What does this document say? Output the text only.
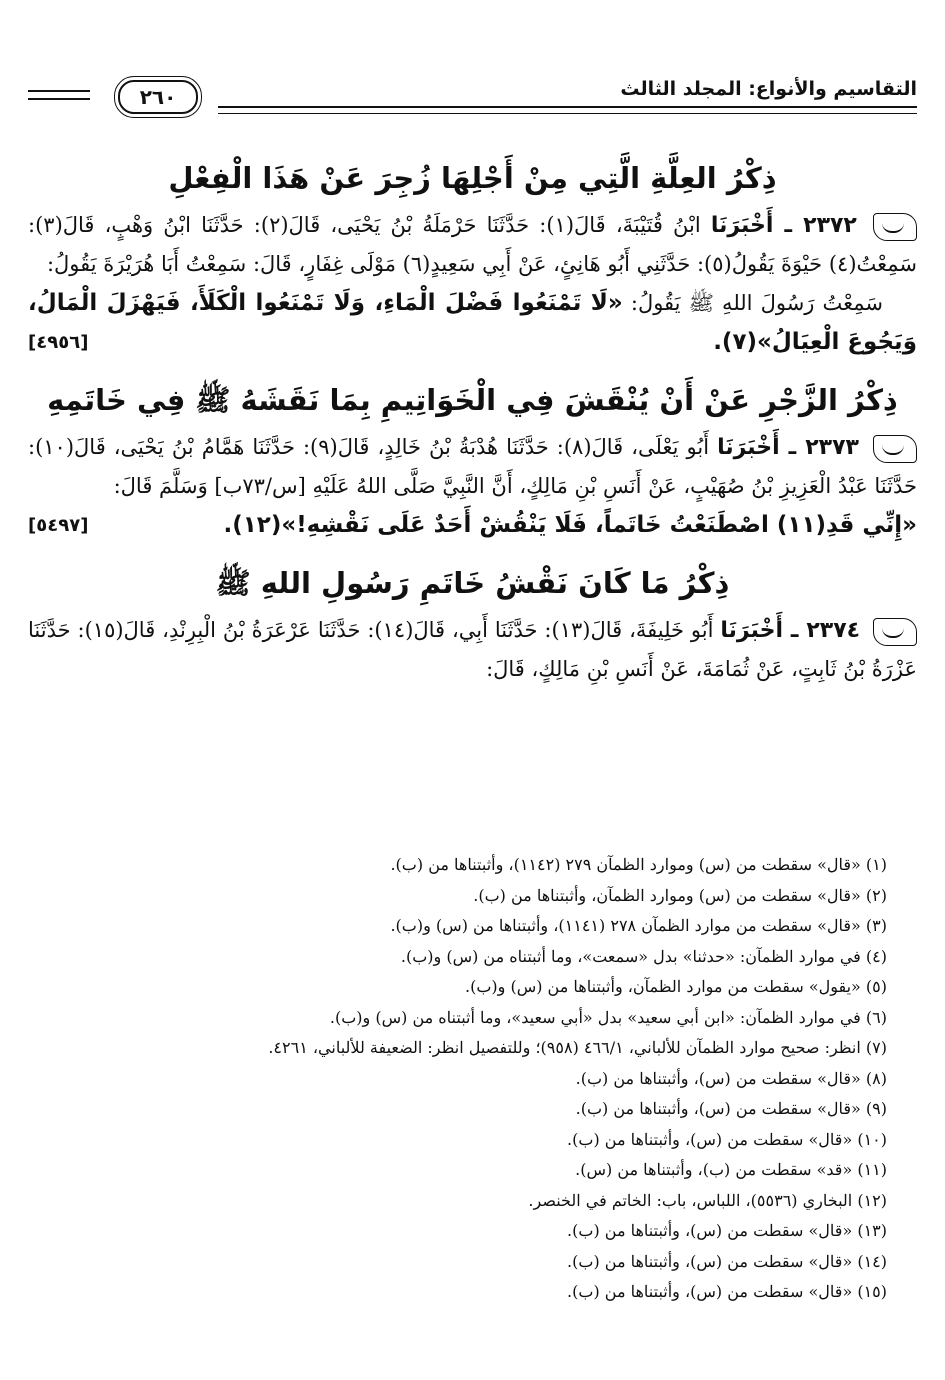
التقاسيم والأنواع: المجلد الثالث
٢٦٠
ذِكْرُ العِلَّةِ الَّتِي مِنْ أَجْلِهَا زُجِرَ عَنْ هَذَا الْفِعْلِ

٢٣٧٢ ـ أَخْبَرَنَا ابْنُ قُتَيْبَةَ، قَالَ(١): حَدَّثَنَا حَرْمَلَةُ بْنُ يَحْيَى، قَالَ(٢): حَدَّثَنَا ابْنُ وَهْبٍ، قَالَ(٣): سَمِعْتُ(٤) حَيْوَةَ يَقُولُ(٥): حَدَّثَنِي أَبُو هَانِئٍ، عَنْ أَبِي سَعِيدٍ(٦) مَوْلَى غِفَارٍ، قَالَ: سَمِعْتُ أَبَا هُرَيْرَةَ يَقُولُ:

سَمِعْتُ رَسُولَ اللهِ ﷺ يَقُولُ: «لَا تَمْنَعُوا فَضْلَ الْمَاءِ، وَلَا تَمْنَعُوا الْكَلَأَ، فَيَهْزَلَ الْمَالُ، وَيَجُوعَ الْعِيَالُ»(٧).
[٤٩٥٦]

ذِكْرُ الزَّجْرِ عَنْ أَنْ يُنْقَشَ فِي الْخَوَاتِيمِ بِمَا نَقَشَهُ ﷺ فِي خَاتَمِهِ

٢٣٧٣ ـ أَخْبَرَنَا أَبُو يَعْلَى، قَالَ(٨): حَدَّثَنَا هُدْبَةُ بْنُ خَالِدٍ، قَالَ(٩): حَدَّثَنَا هَمَّامُ بْنُ يَحْيَى، قَالَ(١٠): حَدَّثَنَا عَبْدُ الْعَزِيزِ بْنُ صُهَيْبٍ، عَنْ أَنَسِ بْنِ مَالِكٍ، أَنَّ النَّبِيَّ صَلَّى اللهُ عَلَيْهِ [س/٧٣ب] وَسَلَّمَ قَالَ:

«إِنِّي قَدِ(١١) اصْطَنَعْتُ خَاتَماً، فَلَا يَنْقُشْ أَحَدٌ عَلَى نَقْشِهِ!»(١٢).
[٥٤٩٧]

ذِكْرُ مَا كَانَ نَقْشُ خَاتَمِ رَسُولِ اللهِ ﷺ

٢٣٧٤ ـ أَخْبَرَنَا أَبُو خَلِيفَةَ، قَالَ(١٣): حَدَّثَنَا أَبِي، قَالَ(١٤): حَدَّثَنَا عَرْعَرَةُ بْنُ الْبِرِنْدِ، قَالَ(١٥): حَدَّثَنَا عَزْرَةُ بْنُ ثَابِتٍ، عَنْ ثُمَامَةَ، عَنْ أَنَسِ بْنِ مَالِكٍ، قَالَ:

(١) «قال» سقطت من (س) وموارد الظمآن ٢٧٩ (١١٤٢)، وأثبتناها من (ب).

(٢) «قال» سقطت من (س) وموارد الظمآن، وأثبتناها من (ب).

(٣) «قال» سقطت من موارد الظمآن ٢٧٨ (١١٤١)، وأثبتناها من (س) و(ب).

(٤) في موارد الظمآن: «حدثنا» بدل «سمعت»، وما أثبتناه من (س) و(ب).

(٥) «يقول» سقطت من موارد الظمآن، وأثبتناها من (س) و(ب).

(٦) في موارد الظمآن: «ابن أبي سعيد» بدل «أبي سعيد»، وما أثبتناه من (س) و(ب).

(٧) انظر: صحيح موارد الظمآن للألباني، ٤٦٦/١ (٩٥٨)؛ وللتفصيل انظر: الضعيفة للألباني، ٤٢٦١.

(٨) «قال» سقطت من (س)، وأثبتناها من (ب).

(٩) «قال» سقطت من (س)، وأثبتناها من (ب).

(١٠) «قال» سقطت من (س)، وأثبتناها من (ب).

(١١) «قد» سقطت من (ب)، وأثبتناها من (س).

(١٢) البخاري (٥٥٣٦)، اللباس، باب: الخاتم في الخنصر.

(١٣) «قال» سقطت من (س)، وأثبتناها من (ب).

(١٤) «قال» سقطت من (س)، وأثبتناها من (ب).

(١٥) «قال» سقطت من (س)، وأثبتناها من (ب).
